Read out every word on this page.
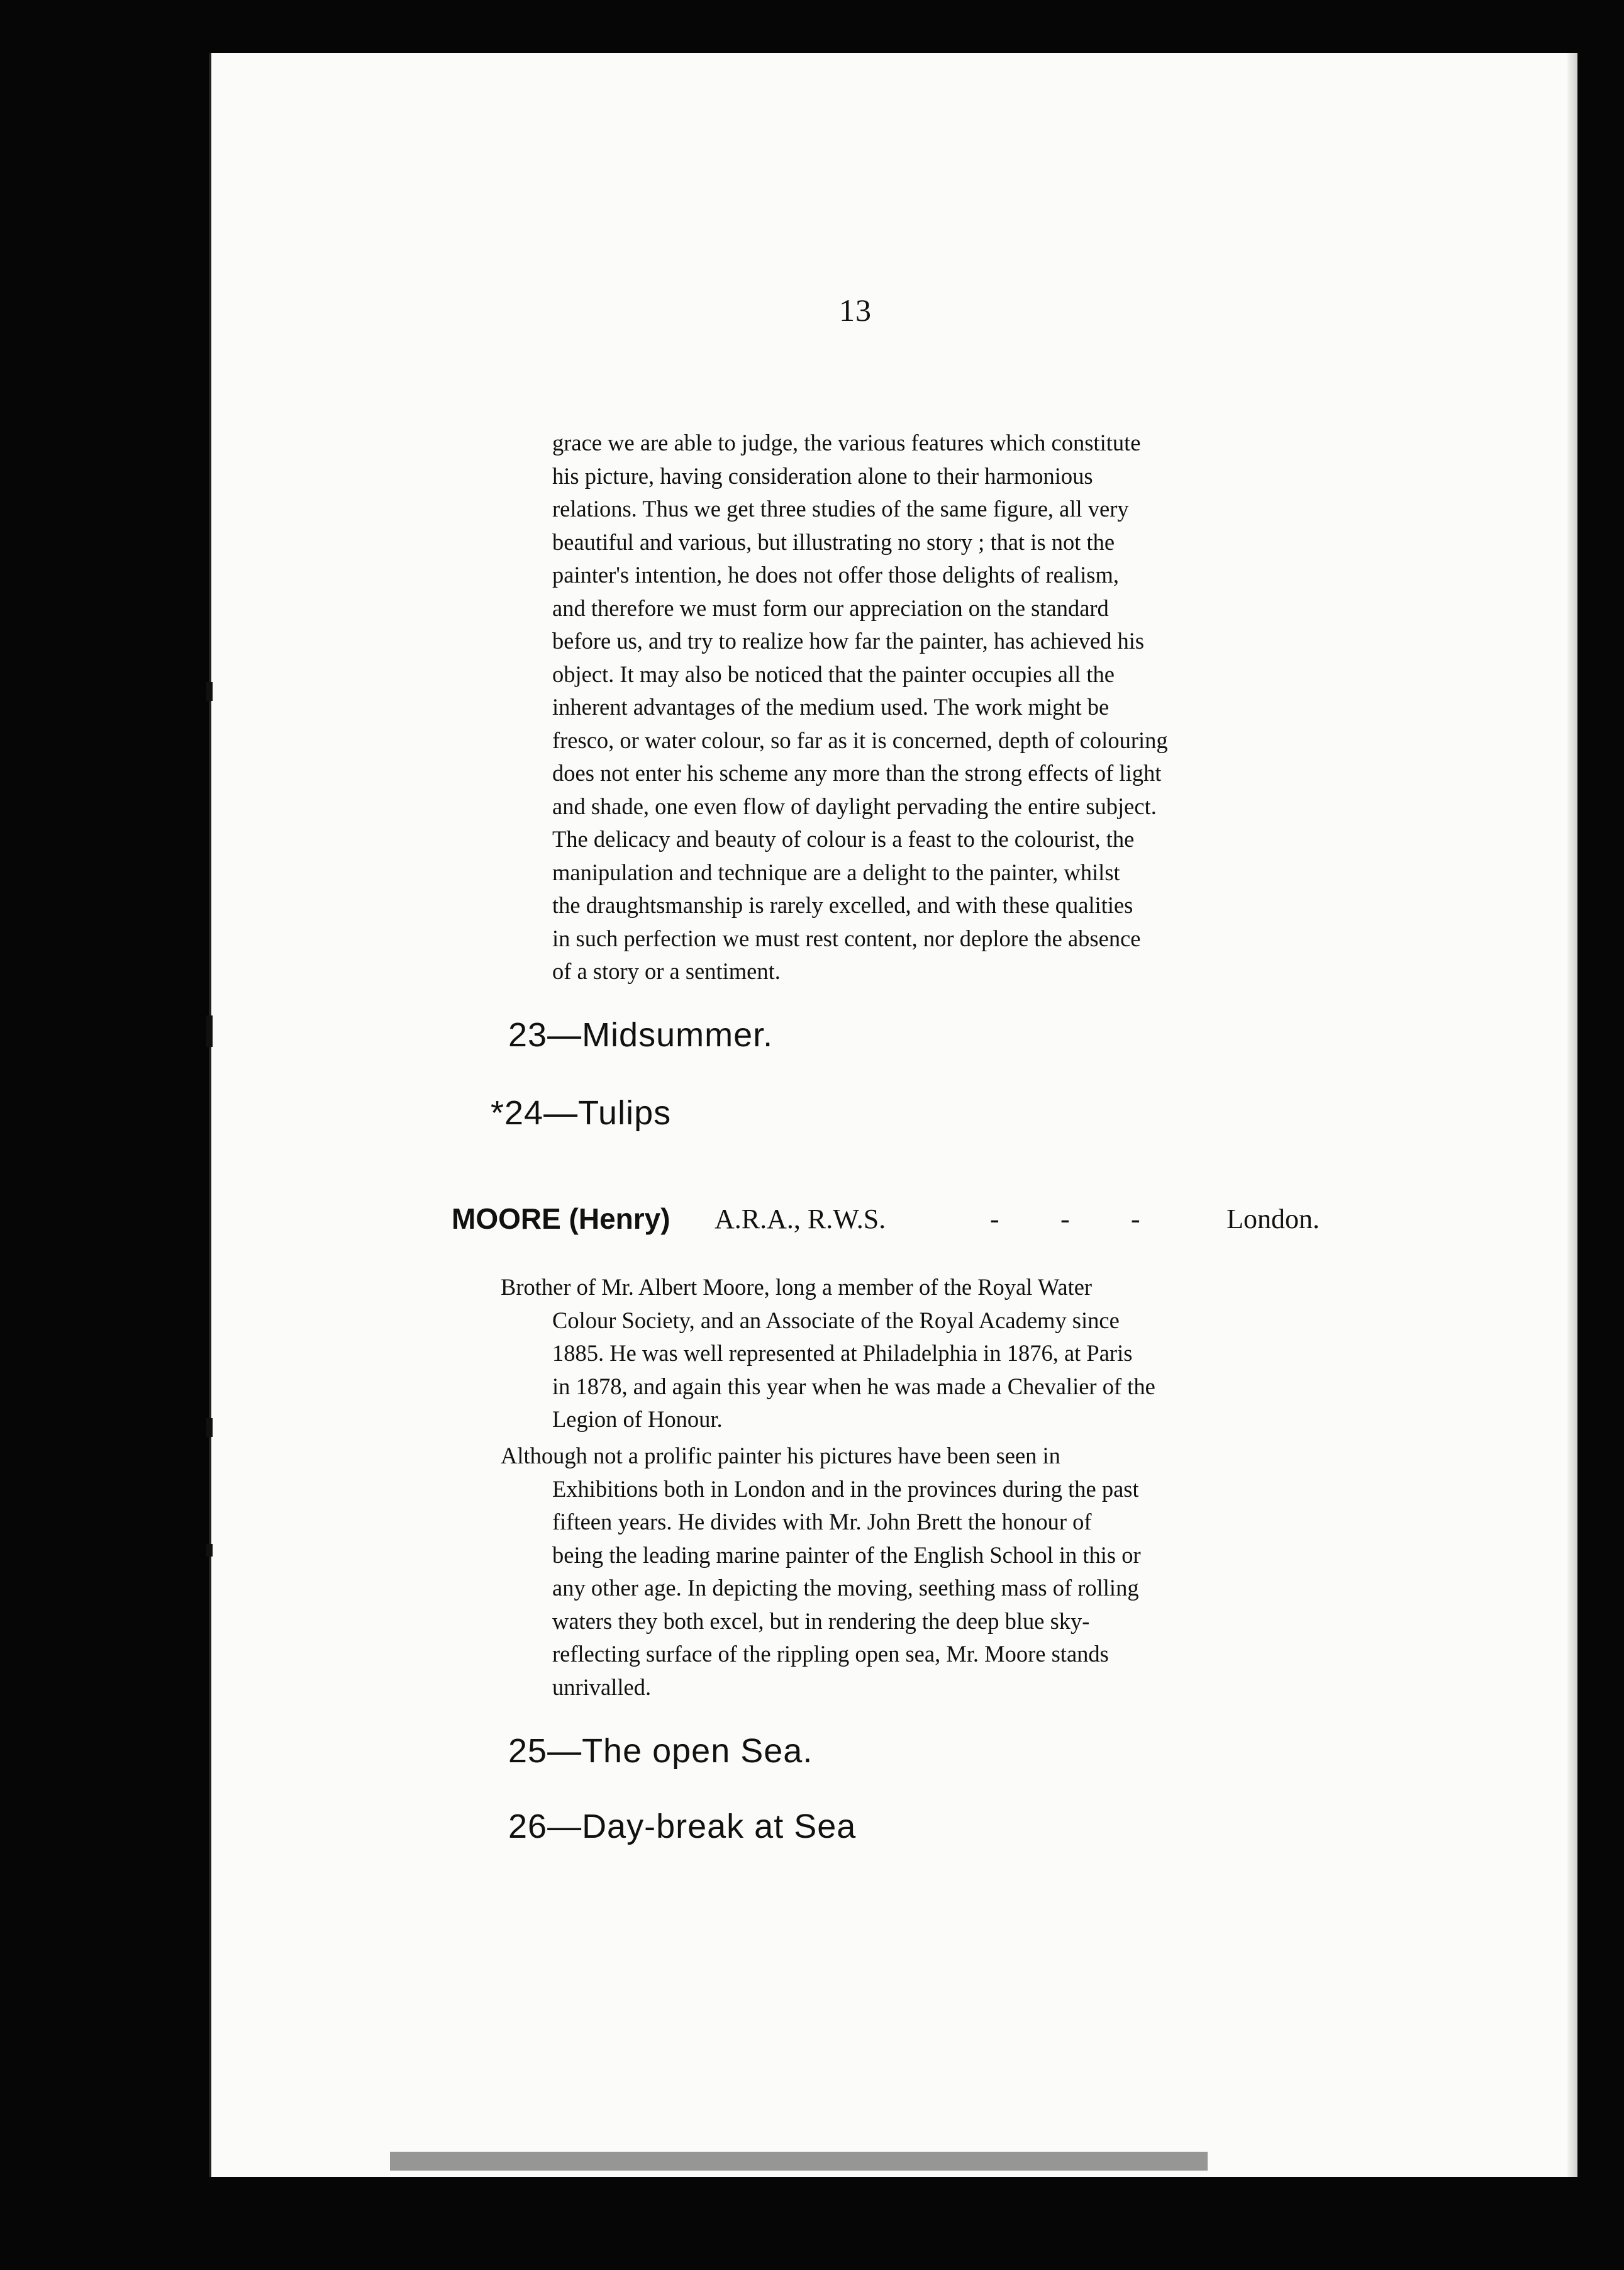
13
grace we are able to judge, the various features which constitute
his picture, having consideration alone to their harmonious
relations. Thus we get three studies of the same figure, all very
beautiful and various, but illustrating no story ; that is not the
painter's intention, he does not offer those delights of realism,
and therefore we must form our appreciation on the standard
before us, and try to realize how far the painter, has achieved his
object. It may also be noticed that the painter occupies all the
inherent advantages of the medium used. The work might be
fresco, or water colour, so far as it is concerned, depth of colouring
does not enter his scheme any more than the strong effects of light
and shade, one even flow of daylight pervading the entire subject.
The delicacy and beauty of colour is a feast to the colourist, the
manipulation and technique are a delight to the painter, whilst
the draughtsmanship is rarely excelled, and with these qualities
in such perfection we must rest content, nor deplore the absence
of a story or a sentiment.
23—Midsummer.
*24—Tulips
MOORE (Henry) A.R.A., R.W.S.	- - -	London.
Brother of Mr. Albert Moore, long a member of the Royal Water
Colour Society, and an Associate of the Royal Academy since
1885. He was well represented at Philadelphia in 1876, at Paris
in 1878, and again this year when he was made a Chevalier of the
Legion of Honour.
Although not a prolific painter his pictures have been seen in
Exhibitions both in London and in the provinces during the past
fifteen years. He divides with Mr. John Brett the honour of
being the leading marine painter of the English School in this or
any other age. In depicting the moving, seething mass of rolling
waters they both excel, but in rendering the deep blue sky-
reflecting surface of the rippling open sea, Mr. Moore stands
unrivalled.
25—The open Sea.
26—Day-break at Sea
